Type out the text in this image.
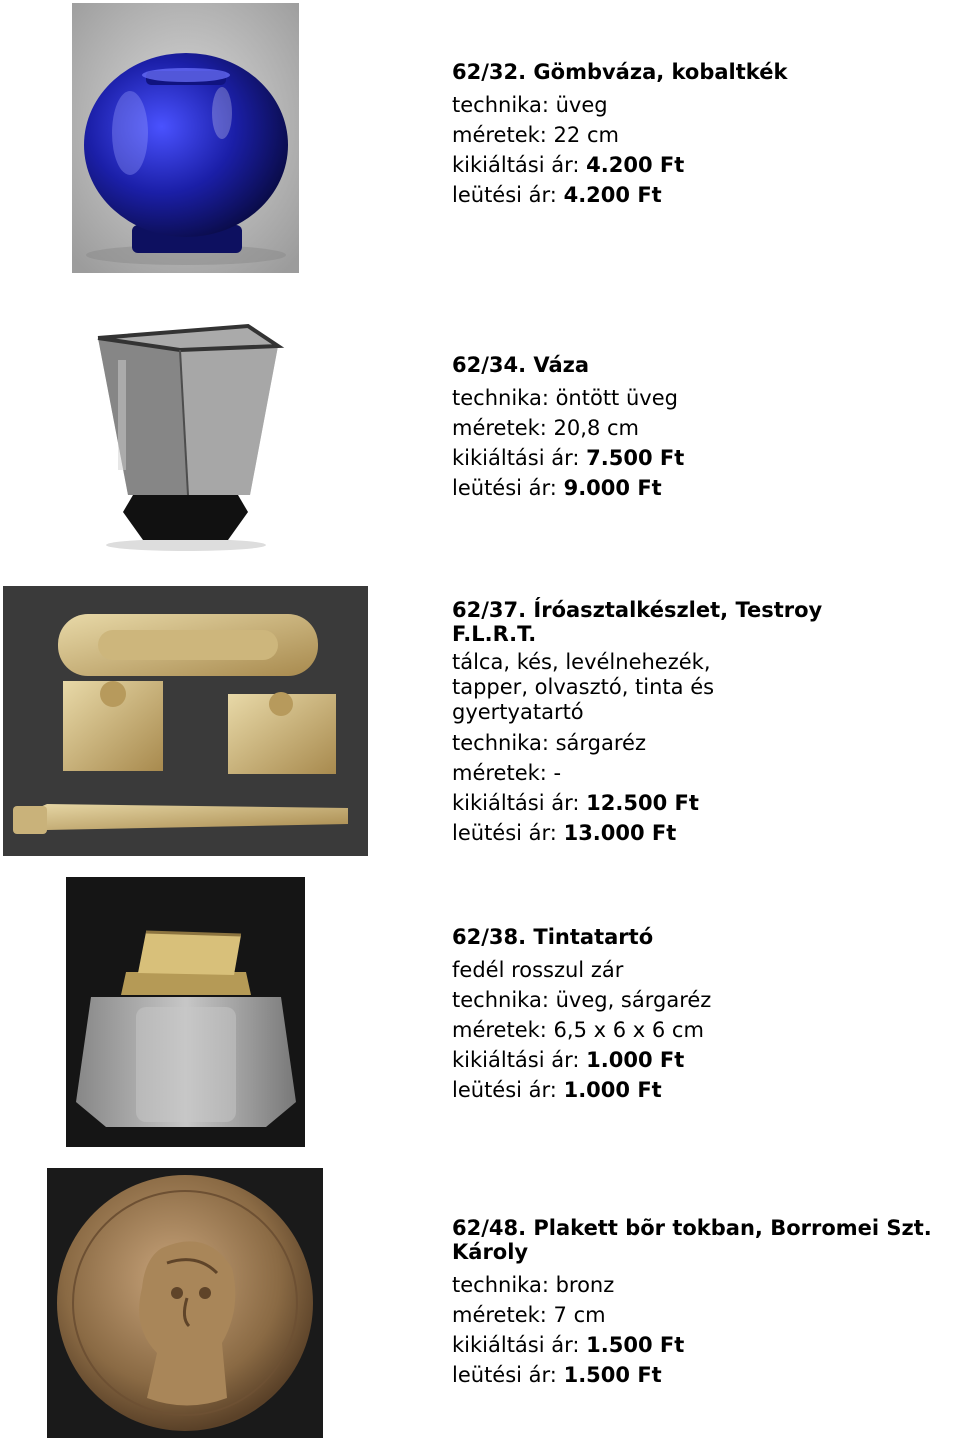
62/32. Gömbváza, kobaltkék
technika: üveg
méretek: 22 cm
kikiáltási ár: 4.200 Ft
leütési ár: 4.200 Ft
62/34. Váza
technika: öntött üveg
méretek: 20,8 cm
kikiáltási ár: 7.500 Ft
leütési ár: 9.000 Ft
62/37. Íróasztalkészlet, Testroy
F.L.R.T.
tálca, kés, levélnehezék,
tapper, olvasztó, tinta és
gyertyatartó
technika: sárgaréz
méretek: -
kikiáltási ár: 12.500 Ft
leütési ár: 13.000 Ft
62/38. Tintatartó
fedél rosszul zár
technika: üveg, sárgaréz
méretek: 6,5 x 6 x 6 cm
kikiáltási ár: 1.000 Ft
leütési ár: 1.000 Ft
62/48. Plakett bõr tokban, Borromei Szt.
Károly
technika: bronz
méretek: 7 cm
kikiáltási ár: 1.500 Ft
leütési ár: 1.500 Ft
